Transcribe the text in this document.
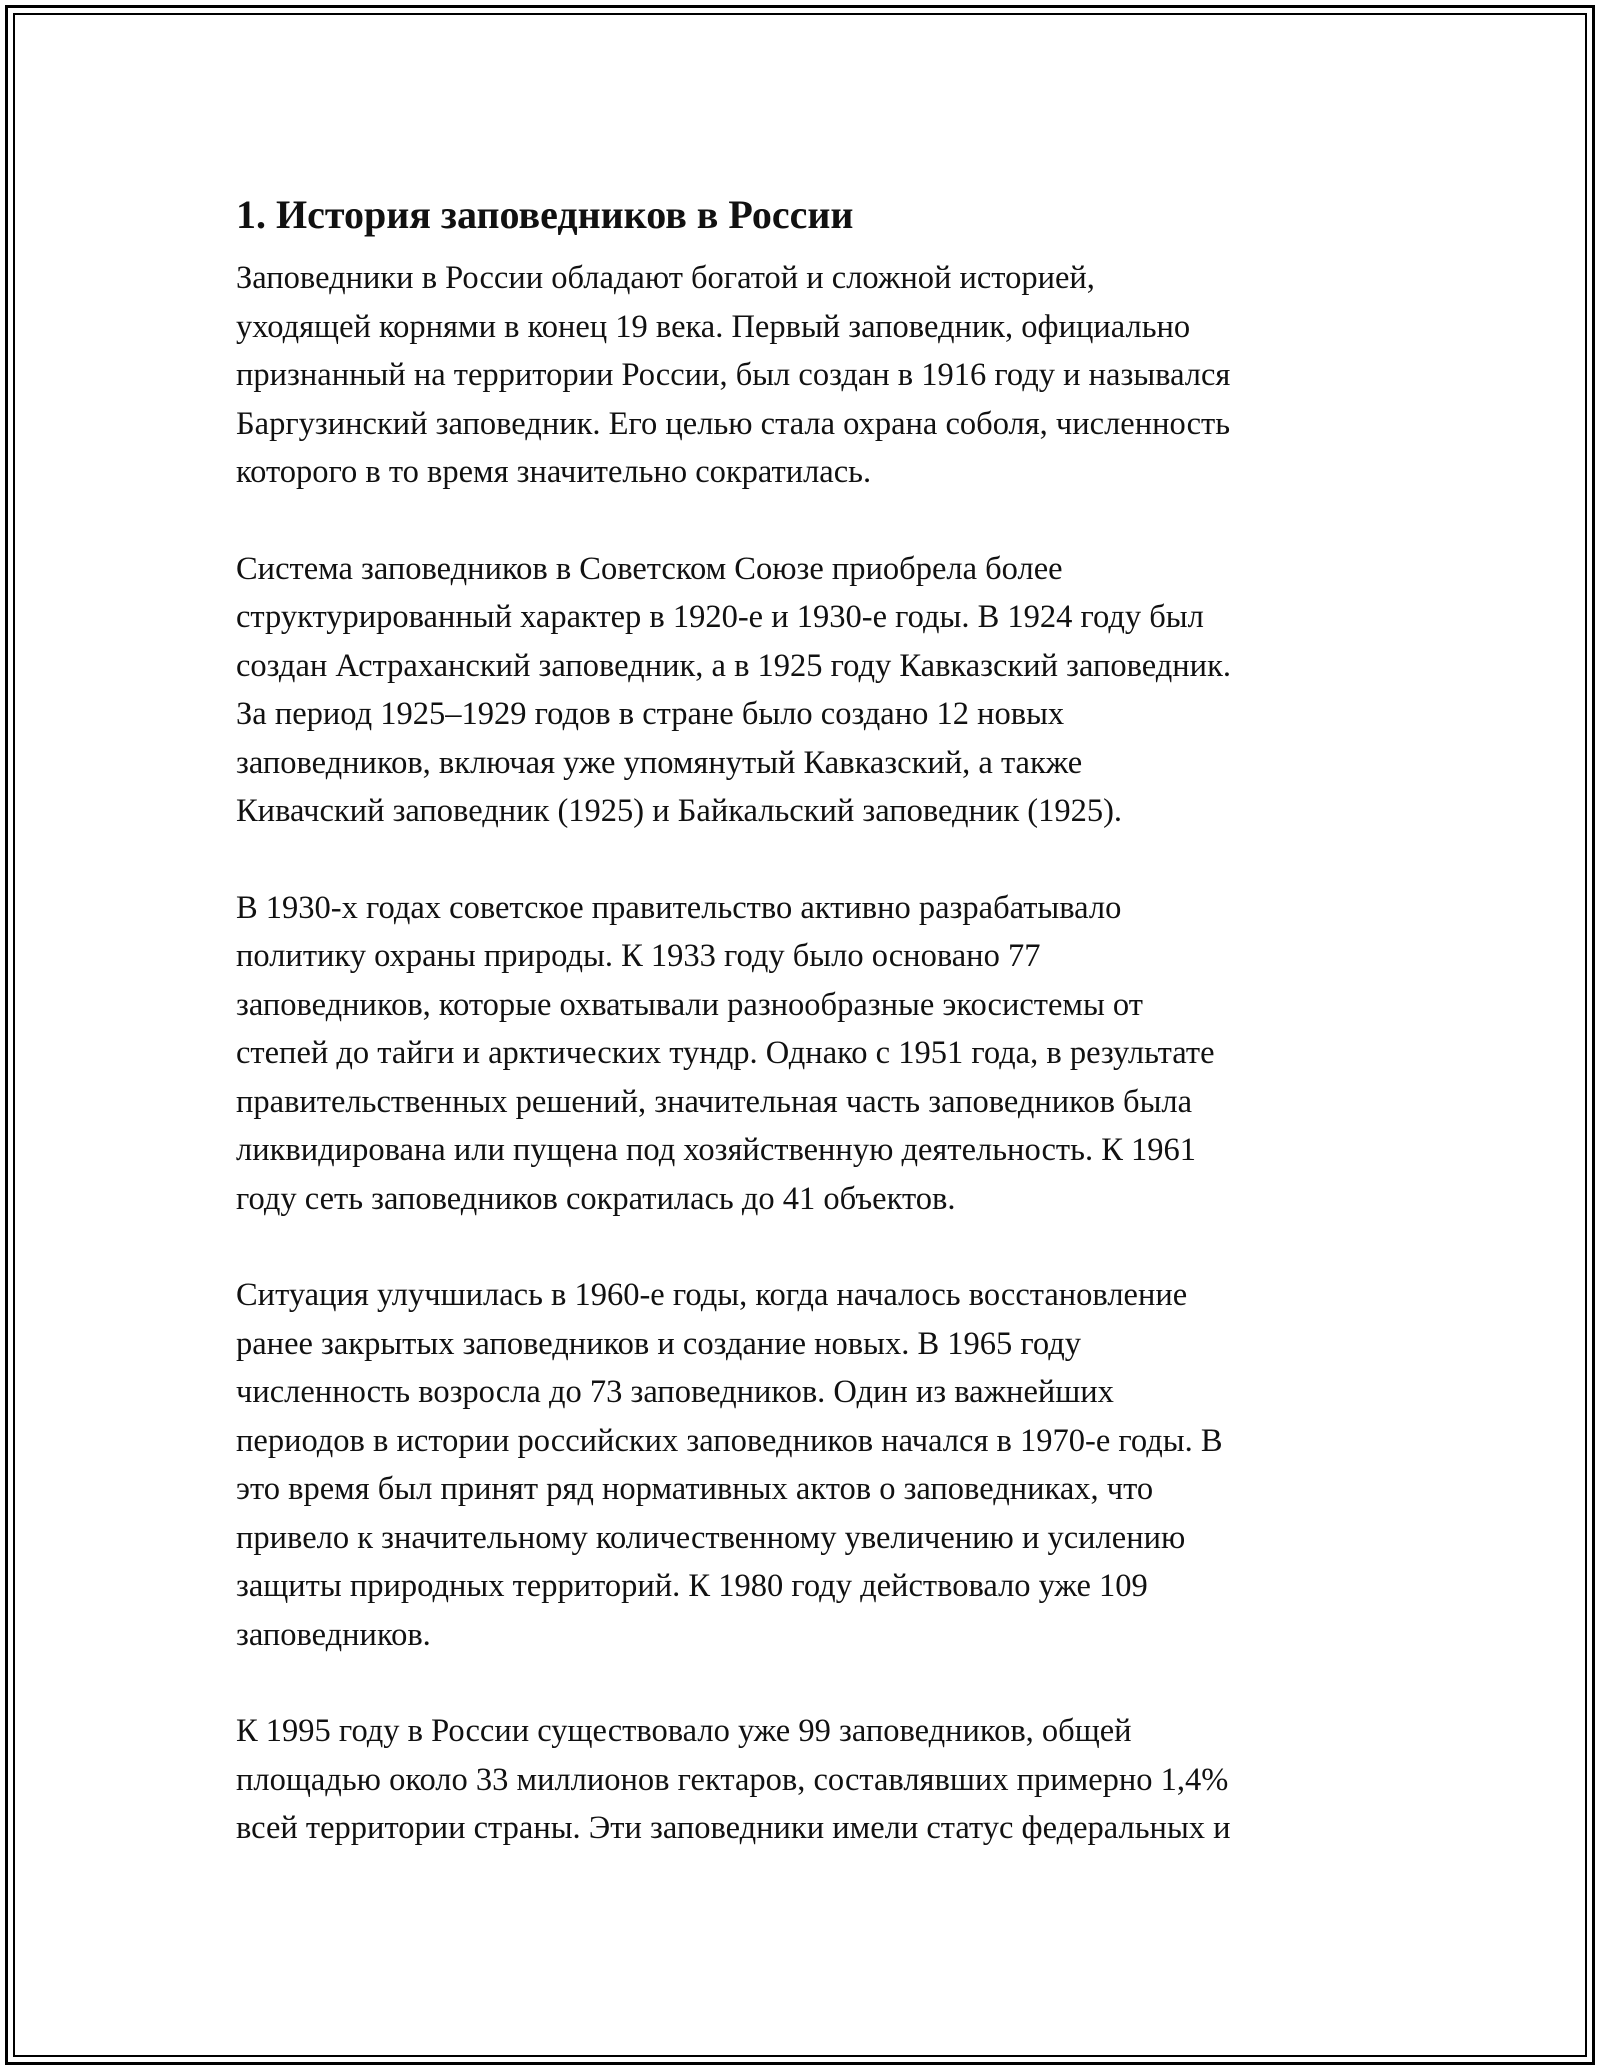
1. История заповедников в России
Заповедники в России обладают богатой и сложной историей,
уходящей корнями в конец 19 века. Первый заповедник, официально
признанный на территории России, был создан в 1916 году и назывался
Баргузинский заповедник. Его целью стала охрана соболя, численность
которого в то время значительно сократилась.
Система заповедников в Советском Союзе приобрела более
структурированный характер в 1920-е и 1930-е годы. В 1924 году был
создан Астраханский заповедник, а в 1925 году Кавказский заповедник.
За период 1925–1929 годов в стране было создано 12 новых
заповедников, включая уже упомянутый Кавказский, а также
Кивачский заповедник (1925) и Байкальский заповедник (1925).
В 1930-х годах советское правительство активно разрабатывало
политику охраны природы. К 1933 году было основано 77
заповедников, которые охватывали разнообразные экосистемы от
степей до тайги и арктических тундр. Однако с 1951 года, в результате
правительственных решений, значительная часть заповедников была
ликвидирована или пущена под хозяйственную деятельность. К 1961
году сеть заповедников сократилась до 41 объектов.
Ситуация улучшилась в 1960-е годы, когда началось восстановление
ранее закрытых заповедников и создание новых. В 1965 году
численность возросла до 73 заповедников. Один из важнейших
периодов в истории российских заповедников начался в 1970-е годы. В
это время был принят ряд нормативных актов о заповедниках, что
привело к значительному количественному увеличению и усилению
защиты природных территорий. К 1980 году действовало уже 109
заповедников.
К 1995 году в России существовало уже 99 заповедников, общей
площадью около 33 миллионов гектаров, составлявших примерно 1,4%
всей территории страны. Эти заповедники имели статус федеральных и
